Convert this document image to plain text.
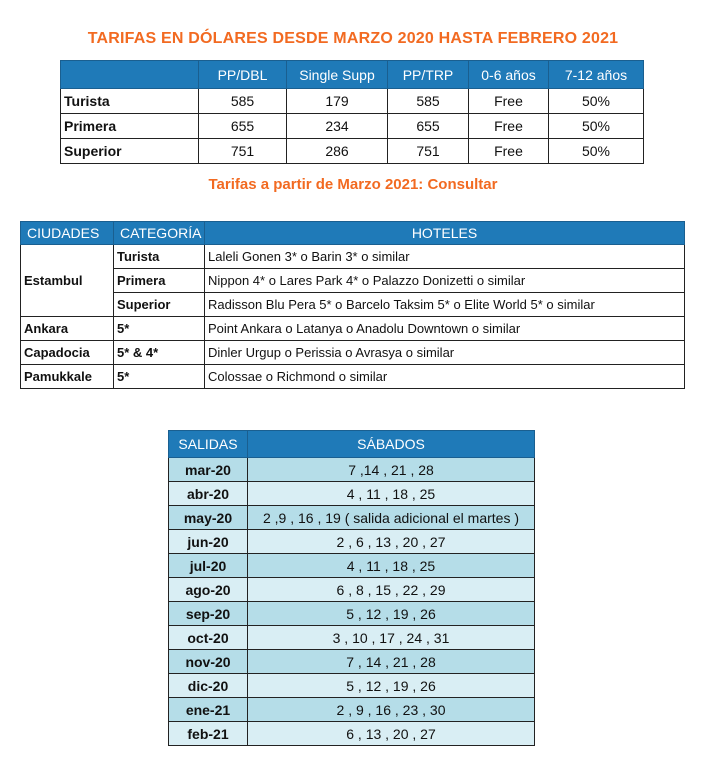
TARIFAS EN DÓLARES DESDE MARZO 2020 HASTA FEBRERO 2021
	PP/DBL	Single Supp	PP/TRP	0-6 años	7-12 años
Turista	585	179	585	Free	50%
Primera	655	234	655	Free	50%
Superior	751	286	751	Free	50%
Tarifas a partir de Marzo 2021: Consultar
CIUDADES	CATEGORÍA	HOTELES
Estambul	Turista	Laleli Gonen 3* o Barin 3* o similar
	Primera	Nippon 4* o Lares Park 4* o Palazzo Donizetti o similar
	Superior	Radisson Blu Pera 5* o Barcelo Taksim 5* o Elite World 5* o similar
Ankara	5*	Point Ankara o Latanya o Anadolu Downtown o similar
Capadocia	5* & 4*	Dinler Urgup o Perissia o Avrasya o similar
Pamukkale	5*	Colossae o Richmond o similar
SALIDAS	SÁBADOS
mar-20	7 ,14 , 21 , 28
abr-20	4 , 11 , 18 , 25
may-20	2 ,9 , 16 , 19 ( salida adicional el martes )
jun-20	2 , 6 , 13 , 20 , 27
jul-20	4 , 11 , 18 , 25
ago-20	6 , 8 , 15 , 22 , 29
sep-20	5 , 12 , 19 , 26
oct-20	3 , 10 , 17 , 24 , 31
nov-20	7 , 14 , 21 , 28
dic-20	5 , 12 , 19 , 26
ene-21	2 , 9 , 16 , 23 , 30
feb-21	6 , 13 , 20 , 27
